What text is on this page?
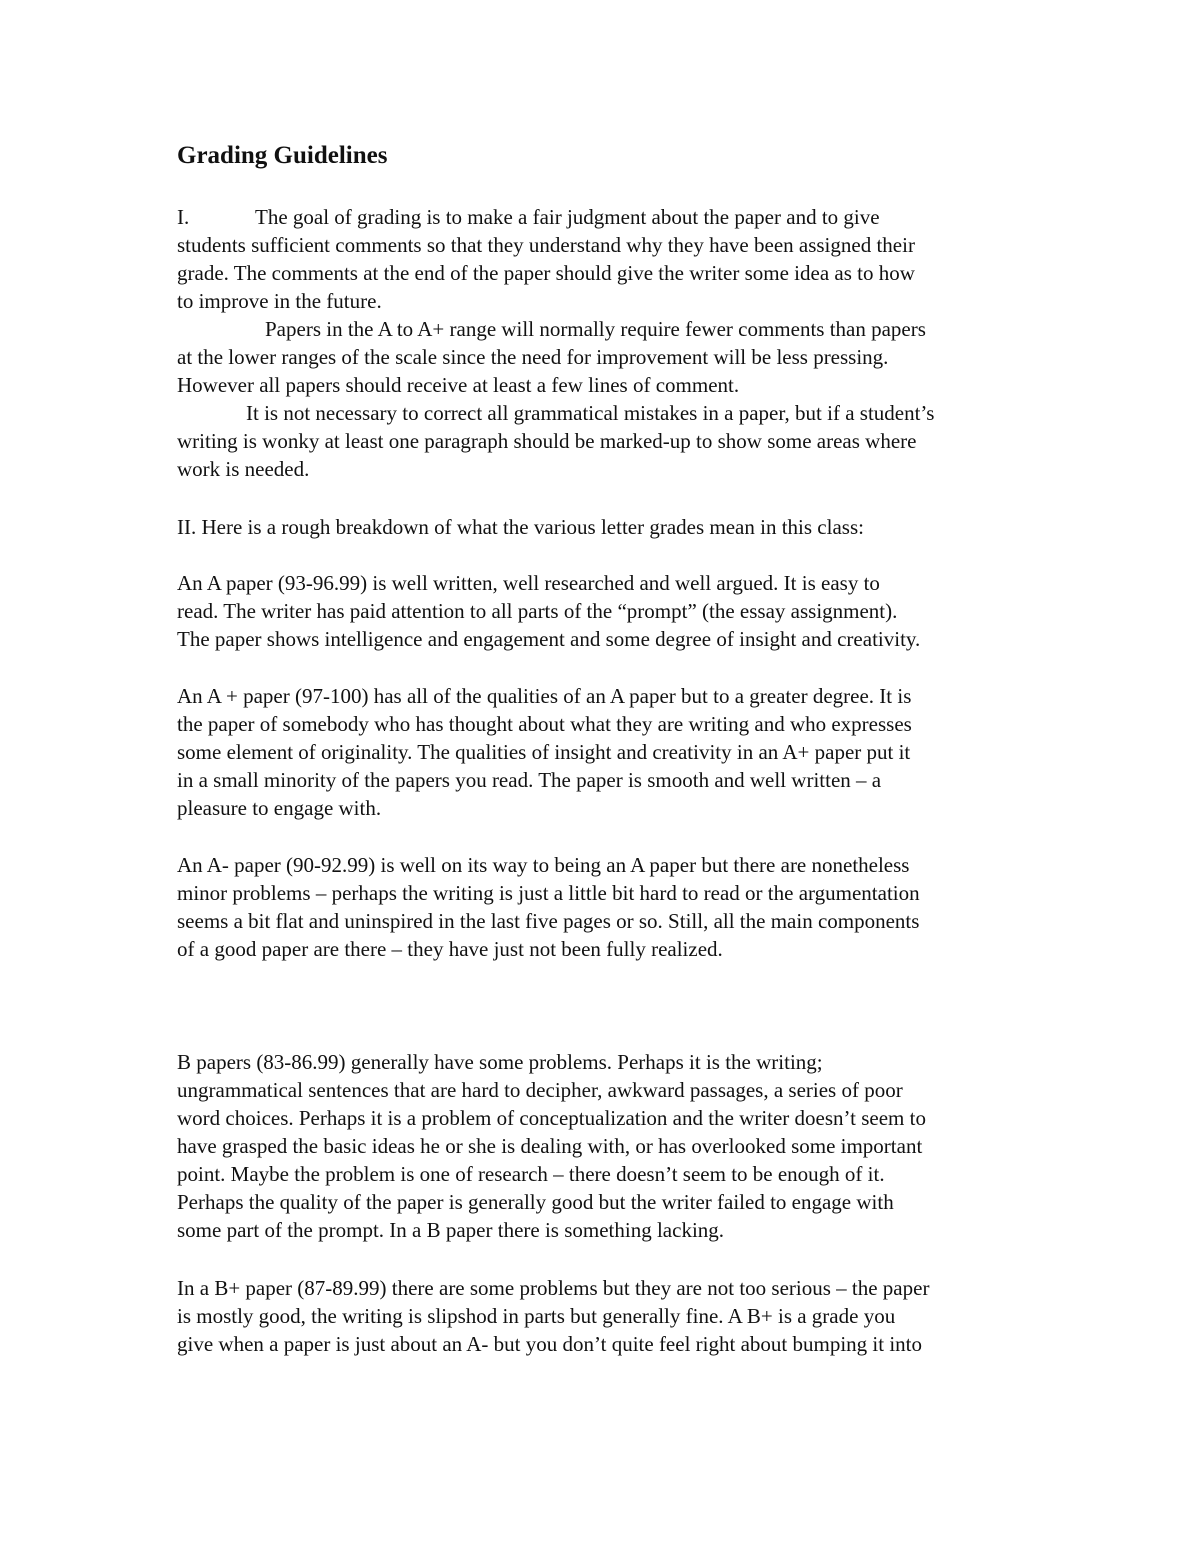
Grading Guidelines
I.	The goal of grading is to make a fair judgment about the paper and to give
students sufficient comments so that they understand why they have been assigned their
grade. The comments at the end of the paper should give the writer some idea as to how
to improve in the future.
Papers in the A to A+ range will normally require fewer comments than papers
at the lower ranges of the scale since the need for improvement will be less pressing.
However all papers should receive at least a few lines of comment.
It is not necessary to correct all grammatical mistakes in a paper, but if a student’s
writing is wonky at least one paragraph should be marked-up to show some areas where
work is needed.
II. Here is a rough breakdown of what the various letter grades mean in this class:
An A paper (93-96.99) is well written, well researched and well argued. It is easy to
read. The writer has paid attention to all parts of the “prompt” (the essay assignment).
The paper shows intelligence and engagement and some degree of insight and creativity.
An A + paper (97-100) has all of the qualities of an A paper but to a greater degree. It is
the paper of somebody who has thought about what they are writing and who expresses
some element of originality. The qualities of insight and creativity in an A+ paper put it
in a small minority of the papers you read. The paper is smooth and well written – a
pleasure to engage with.
An A- paper (90-92.99) is well on its way to being an A paper but there are nonetheless
minor problems – perhaps the writing is just a little bit hard to read or the argumentation
seems a bit flat and uninspired in the last five pages or so. Still, all the main components
of a good paper are there – they have just not been fully realized.
B papers (83-86.99) generally have some problems. Perhaps it is the writing;
ungrammatical sentences that are hard to decipher, awkward passages, a series of poor
word choices. Perhaps it is a problem of conceptualization and the writer doesn’t seem to
have grasped the basic ideas he or she is dealing with, or has overlooked some important
point. Maybe the problem is one of research – there doesn’t seem to be enough of it.
Perhaps the quality of the paper is generally good but the writer failed to engage with
some part of the prompt. In a B paper there is something lacking.
In a B+ paper (87-89.99) there are some problems but they are not too serious – the paper
is mostly good, the writing is slipshod in parts but generally fine. A B+ is a grade you
give when a paper is just about an A- but you don’t quite feel right about bumping it into
